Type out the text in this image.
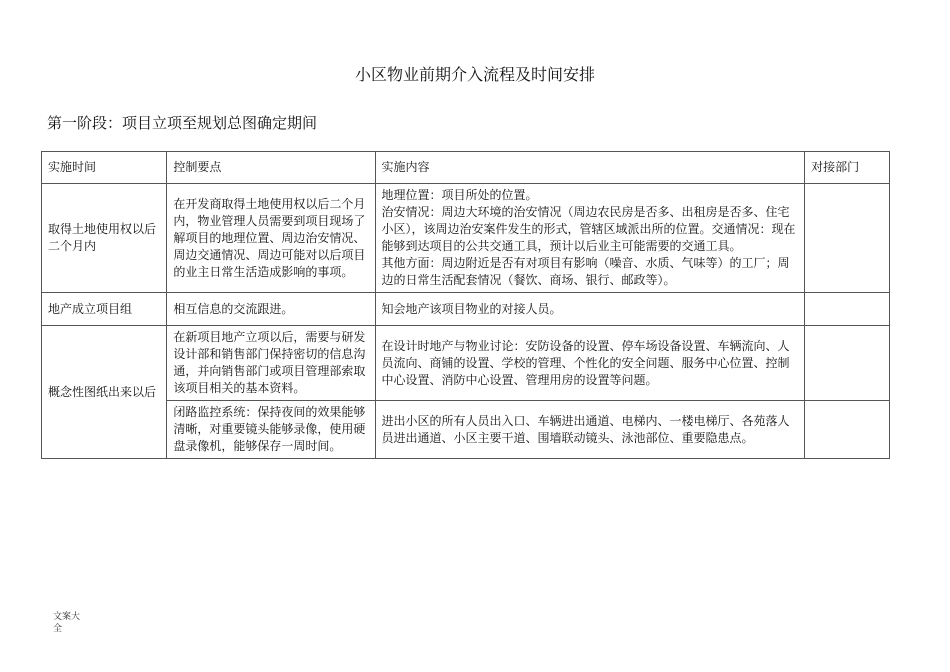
小区物业前期介入流程及时间安排
第一阶段：项目立项至规划总图确定期间
实施时间	控制要点	实施内容	对接部门
取得土地使用权以后二个月内	在开发商取得土地使用权以后二个月内，物业管理人员需要到项目现场了解项目的地理位置、周边治安情况、周边交通情况、周边可能对以后项目的业主日常生活造成影响的事项。	地理位置：项目所处的位置。
治安情况：周边大环境的治安情况（周边农民房是否多、出租房是否多、住宅小区），该周边治安案件发生的形式，管辖区域派出所的位置。交通情况：现在能够到达项目的公共交通工具，预计以后业主可能需要的交通工具。
其他方面：周边附近是否有对项目有影响（噪音、水质、气味等）的工厂；周边的日常生活配套情况（餐饮、商场、银行、邮政等）。	

地产成立项目组	相互信息的交流跟进。	知会地产该项目物业的对接人员。	
概念性图纸出来以后	在新项目地产立项以后，需要与研发设计部和销售部门保持密切的信息沟通，并向销售部门或项目管理部索取该项目相关的基本资料。	在设计时地产与物业讨论：安防设备的设置、停车场设备设置、车辆流向、人员流向、商铺的设置、学校的管理、个性化的安全问题、服务中心位置、控制中心设置、消防中心设置、管理用房的设置等问题。	
	闭路监控系统：保持夜间的效果能够清晰，对重要镜头能够录像，使用硬盘录像机，能够保存一周时间。	进出小区的所有人员出入口、车辆进出通道、电梯内、一楼电梯厅、各苑落人员进出通道、小区主要干道、围墙联动镜头、泳池部位、重要隐患点。	
文案大全
